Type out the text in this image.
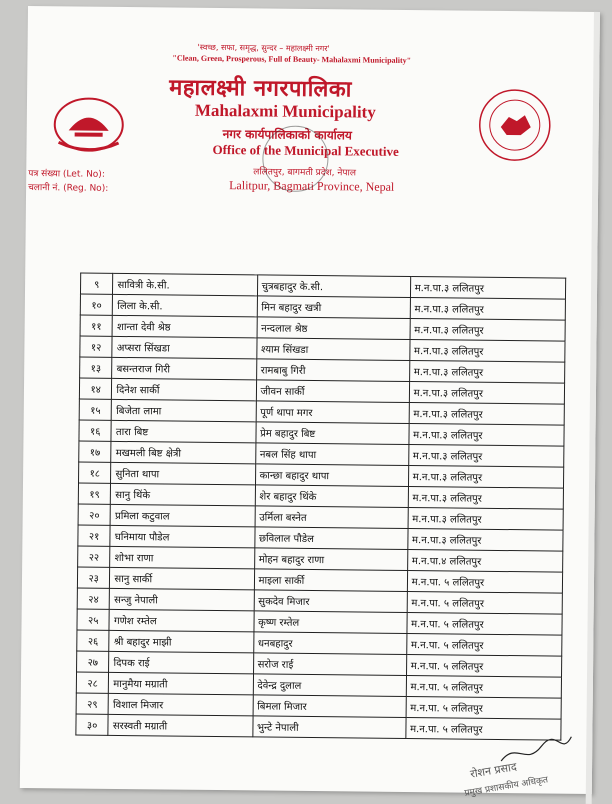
'स्वच्छ, सफा, समृद्ध, सुन्दर – महालक्ष्मी नगर'
"Clean, Green, Prosperous, Full of Beauty- Mahalaxmi Municipality"
महालक्ष्मी नगरपालिका
Mahalaxmi Municipality
नगर कार्यपालिकाको कार्यालय
Office of the Municipal Executive
ललितपुर, बागमती प्रदेश, नेपाल
Lalitpur, Bagmati Province, Nepal
पत्र संख्या (Let. No):
चलानी नं. (Reg. No):
९	सावित्री के.सी.	चुत्रबहादुर के.सी.	म.न.पा.३ ललितपुर
१०	लिला के.सी.	मिन बहादुर खत्री	म.न.पा.३ ललितपुर
११	शान्ता देवी श्रेष्ठ	नन्दलाल श्रेष्ठ	म.न.पा.३ ललितपुर
१२	अप्सरा सिंखडा	श्याम सिंखडा	म.न.पा.३ ललितपुर
१३	बसन्तराज गिरी	रामबाबु गिरी	म.न.पा.३ ललितपुर
१४	दिनेश सार्की	जीवन सार्की	म.न.पा.३ ललितपुर
१५	बिजेता लामा	पूर्ण थापा मगर	म.न.पा.३ ललितपुर
१६	तारा बिष्ट	प्रेम बहादुर बिष्ट	म.न.पा.३ ललितपुर
१७	मखमली बिष्ट क्षेत्री	नबल सिंह थापा	म.न.पा.३ ललितपुर
१८	सुनिता थापा	कान्छा बहादुर थापा	म.न.पा.३ ललितपुर
१९	सानु थिंके	शेर बहादुर थिंके	म.न.पा.३ ललितपुर
२०	प्रमिला कटुवाल	उर्मिला बस्नेत	म.न.पा.३ ललितपुर
२१	घनिमाया पौडेल	छविलाल पौडेल	म.न.पा.३ ललितपुर
२२	शोभा राणा	मोहन बहादुर राणा	म.न.पा.४ ललितपुर
२३	सानु सार्की	माइला सार्की	म.न.पा. ५ ललितपुर
२४	सन्जु नेपाली	सुकदेव मिजार	म.न.पा. ५ ललितपुर
२५	गणेश रम्तेल	कृष्ण रम्तेल	म.न.पा. ५ ललितपुर
२६	श्री बहादुर माझी	धनबहादुर	म.न.पा. ५ ललितपुर
२७	दिपक राई	सरोज राई	म.न.पा. ५ ललितपुर
२८	मानुमैया मग्राती	देवेन्द्र दुलाल	म.न.पा. ५ ललितपुर
२९	विशाल मिजार	बिमला मिजार	म.न.पा. ५ ललितपुर
३०	सरस्वती मग्राती	भुन्टे नेपाली	म.न.पा. ५ ललितपुर
रोशन प्रसाद
प्रमुख प्रशासकीय अधिकृत
